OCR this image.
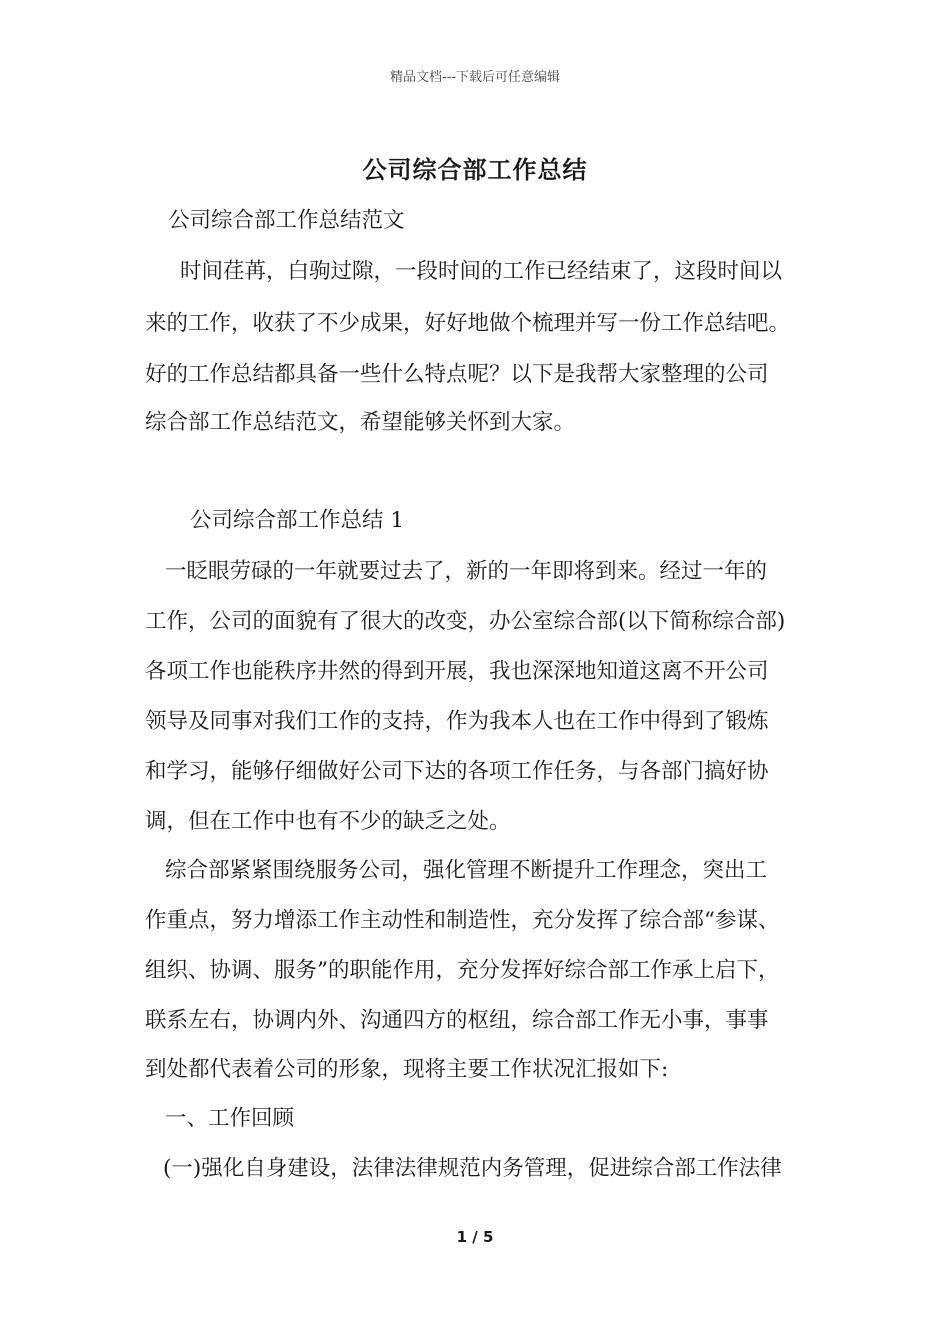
精品文档---下载后可任意编辑
公司综合部工作总结
公司综合部工作总结范文
时间荏苒，白驹过隙，一段时间的工作已经结束了，这段时间以
来的工作，收获了不少成果，好好地做个梳理并写一份工作总结吧。
好的工作总结都具备一些什么特点呢？以下是我帮大家整理的公司
综合部工作总结范文，希望能够关怀到大家。
公司综合部工作总结 1
一眨眼劳碌的一年就要过去了，新的一年即将到来。经过一年的
工作，公司的面貌有了很大的改变，办公室综合部(以下简称综合部)
各项工作也能秩序井然的得到开展，我也深深地知道这离不开公司
领导及同事对我们工作的支持，作为我本人也在工作中得到了锻炼
和学习，能够仔细做好公司下达的各项工作任务，与各部门搞好协
调，但在工作中也有不少的缺乏之处。
综合部紧紧围绕服务公司，强化管理不断提升工作理念，突出工
作重点，努力增添工作主动性和制造性，充分发挥了综合部“参谋、
组织、协调、服务”的职能作用，充分发挥好综合部工作承上启下，
联系左右，协调内外、沟通四方的枢纽，综合部工作无小事，事事
到处都代表着公司的形象，现将主要工作状况汇报如下:
一、工作回顾
(一)强化自身建设，法律法律规范内务管理，促进综合部工作法律
1 / 5
